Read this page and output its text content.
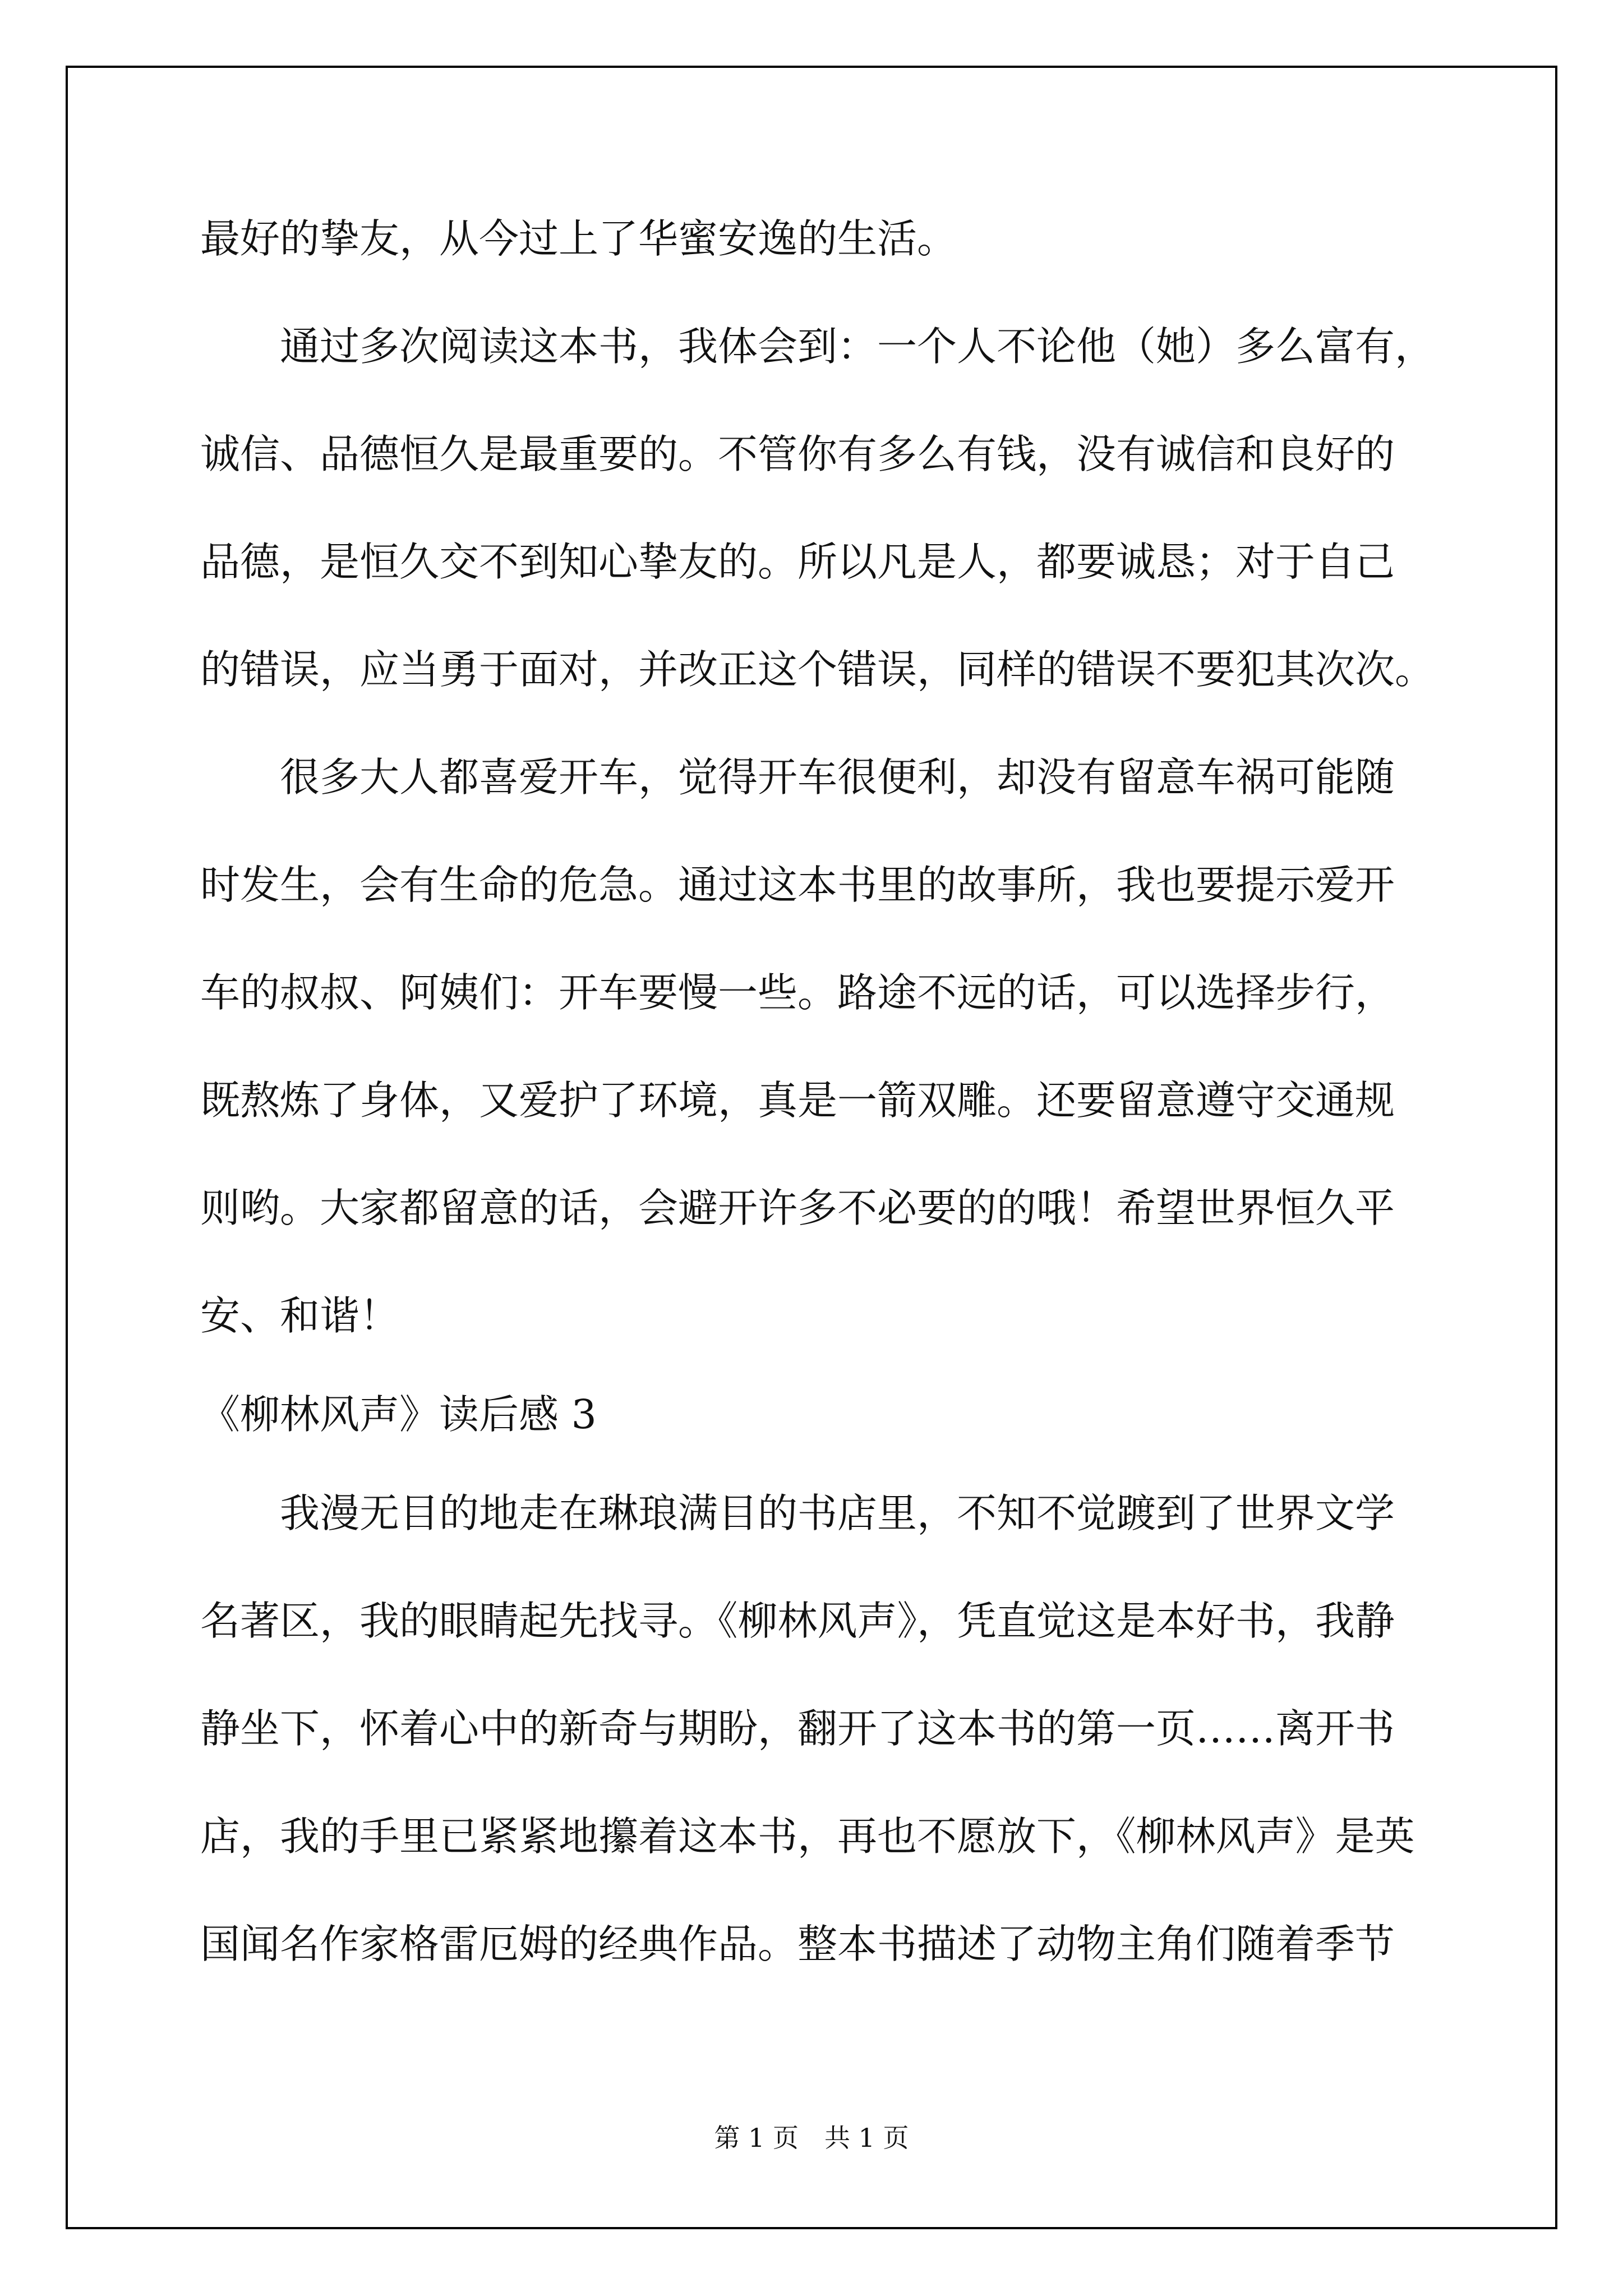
最好的挚友，从今过上了华蜜安逸的生活。
通过多次阅读这本书，我体会到：一个人不论他（她）多么富有，
诚信、品德恒久是最重要的。不管你有多么有钱，没有诚信和良好的
品德，是恒久交不到知心挚友的。所以凡是人，都要诚恳；对于自己
的错误，应当勇于面对，并改正这个错误，同样的错误不要犯其次次。
很多大人都喜爱开车，觉得开车很便利，却没有留意车祸可能随
时发生，会有生命的危急。通过这本书里的故事所，我也要提示爱开
车的叔叔、阿姨们：开车要慢一些。路途不远的话，可以选择步行，
既熬炼了身体，又爱护了环境，真是一箭双雕。还要留意遵守交通规
则哟。大家都留意的话，会避开许多不必要的的哦！希望世界恒久平
安、和谐！
《柳林风声》读后感 3
我漫无目的地走在琳琅满目的书店里，不知不觉踱到了世界文学
名著区，我的眼睛起先找寻。《柳林风声》，凭直觉这是本好书，我静
静坐下，怀着心中的新奇与期盼，翻开了这本书的第一页……离开书
店，我的手里已紧紧地攥着这本书，再也不愿放下，《柳林风声》是英
国闻名作家格雷厄姆的经典作品。整本书描述了动物主角们随着季节
第 1 页　共 1 页
